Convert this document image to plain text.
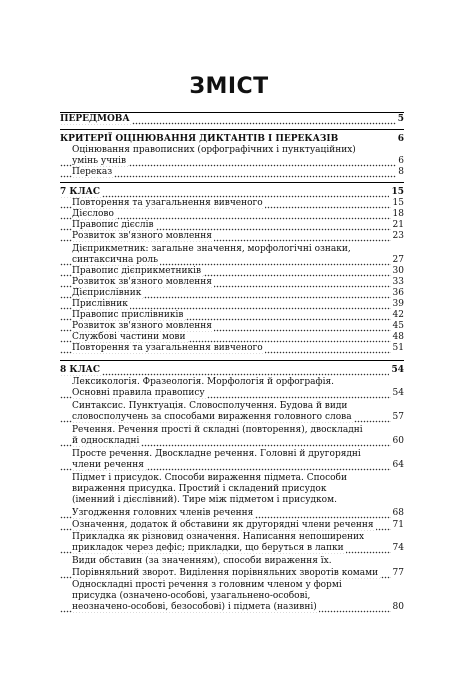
ЗМІСТ
ПЕРЕДМОВА	5
КРИТЕРІЇ ОЦІНЮВАННЯ ДИКТАНТІВ І ПЕРЕКАЗІВ	6
Оцінювання правописних (орфографічних і пунктуаційних)
умінь учнів	6
Переказ	8
7 КЛАС	15
Повторення та узагальнення вивченого	15
Дієслово	18
Правопис дієслів	21
Розвиток зв'язного мовлення	23
Дієприкметник: загальне значення, морфологічні ознаки,
синтаксична роль	27
Правопис дієприкметників	30
Розвиток зв'язного мовлення	33
Дієприслівник	36
Прислівник	39
Правопис прислівників	42
Розвиток зв'язного мовлення	45
Службові частини мови	48
Повторення та узагальнення вивченого	51
8 КЛАС	54
Лексикологія. Фразеологія. Морфологія й орфографія.
Основні правила правопису	54
Синтаксис. Пунктуація. Словосполучення. Будова й види
словосполучень за способами вираження головного слова	57
Речення. Речення прості й складні (повторення), двоскладні
й односкладні	60
Просте речення. Двоскладне речення. Головні й другорядні
члени речення	64
Підмет і присудок. Способи вираження підмета. Способи
вираження присудка. Простий і складений присудок
(іменний і дієслівний). Тире між підметом і присудком.
Узгодження головних членів речення	68
Означення, додаток й обставини як другорядні члени речення 71
Прикладка як різновид означення. Написання непоширених
прикладок через дефіс; прикладки, що беруться в лапки	74
Види обставин (за значенням), способи вираження їх.
Порівняльний зворот. Виділення порівняльних зворотів комами 77
Односкладні прості речення з головним членом у формі
присудка (означено-особові, узагальнено-особові,
неозначено-особові, безособові) і підмета (називні)	80
